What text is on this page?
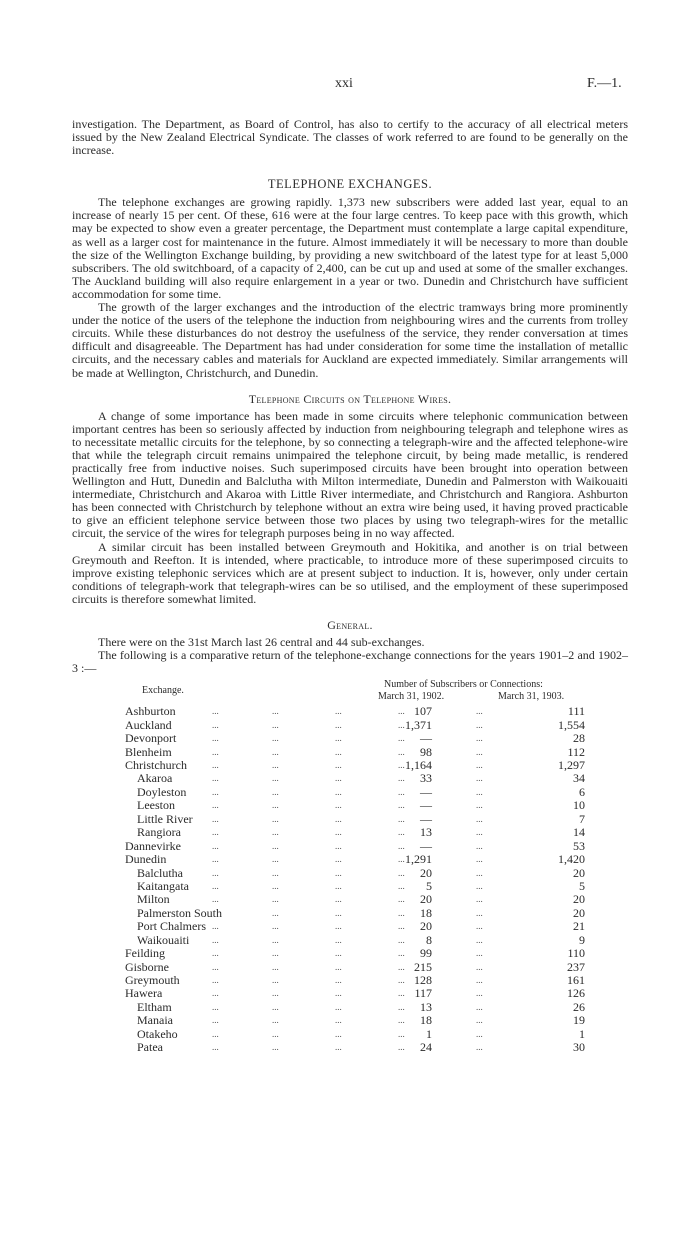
xxi	F.—1.

investigation. The Department, as Board of Control, has also to certify to the accuracy of all electrical meters issued by the New Zealand Electrical Syndicate. The classes of work referred to are found to be generally on the increase.

TELEPHONE EXCHANGES.

The telephone exchanges are growing rapidly. 1,373 new subscribers were added last year, equal to an increase of nearly 15 per cent. Of these, 616 were at the four large centres. To keep pace with this growth, which may be expected to show even a greater percentage, the Department must contemplate a large capital expenditure, as well as a larger cost for maintenance in the future. Almost immediately it will be necessary to more than double the size of the Wellington Exchange building, by providing a new switchboard of the latest type for at least 5,000 subscribers. The old switchboard, of a capacity of 2,400, can be cut up and used at some of the smaller exchanges. The Auckland building will also require enlargement in a year or two. Dunedin and Christchurch have sufficient accommodation for some time.

The growth of the larger exchanges and the introduction of the electric tramways bring more prominently under the notice of the users of the telephone the induction from neighbouring wires and the currents from trolley circuits. While these disturbances do not destroy the usefulness of the service, they render conversation at times difficult and disagreeable. The Department has had under consideration for some time the installation of metallic circuits, and the necessary cables and materials for Auckland are expected immediately. Similar arrangements will be made at Wellington, Christchurch, and Dunedin.

Telephone Circuits on Telephone Wires.

A change of some importance has been made in some circuits where telephonic communication between important centres has been so seriously affected by induction from neighbouring telegraph and telephone wires as to necessitate metallic circuits for the telephone, by so connecting a telegraph-wire and the affected telephone-wire that while the telegraph circuit remains unimpaired the telephone circuit, by being made metallic, is rendered practically free from inductive noises. Such superimposed circuits have been brought into operation between Wellington and Hutt, Dunedin and Balclutha with Milton intermediate, Dunedin and Palmerston with Waikouaiti intermediate, Christchurch and Akaroa with Little River intermediate, and Christchurch and Rangiora. Ashburton has been connected with Christchurch by telephone without an extra wire being used, it having proved practicable to give an efficient telephone service between those two places by using two telegraph-wires for the metallic circuit, the service of the wires for telegraph purposes being in no way affected.

A similar circuit has been installed between Greymouth and Hokitika, and another is on trial between Greymouth and Reefton. It is intended, where practicable, to introduce more of these superimposed circuits to improve existing telephonic services which are at present subject to induction. It is, however, only under certain conditions of telegraph-work that telegraph-wires can be so utilised, and the employment of these superimposed circuits is therefore somewhat limited.

General.

There were on the 31st March last 26 central and 44 sub-exchanges.

The following is a comparative return of the telephone-exchange connections for the years 1901–2 and 1902–3 :—

Exchange.
Number of Subscribers or Connections:
March 31, 1902.	March 31, 1903.
Ashburton	...	...	...	... 107	...	111
Auckland	...	...	...	... 1,371	...	1,554
Devonport	...	...	...	...	—	...	28
Blenheim	...	...	...	...	98	...	112
Christchurch	...	...	...	... 1,164	...	1,297
Akaroa	...	...	...	...	33	...	34
Doyleston	...	...	...	...	—	...	6
Leeston	...	...	...	...	—	...	10
Little River ...	...	...	...	—	...	7
Rangiora	...	...	...	...	13	...	14
Dannevirke	...	...	...	...	—	...	53
Dunedin	...	...	...	... 1,291	...	1,420
Balclutha	...	...	...	...	20	...	20
Kaitangata	...	...	...	...	5	...	5
Milton	...	...	...	...	20	...	20
Palmerston South	...	...	...	18	...	20
Port Chalmers ...	...	...	...	20	...	21
Waikouaiti	...	...	...	...	8	...	9
Feilding	...	...	...	...	99	...	110
Gisborne	...	...	...	... 215	...	237
Greymouth	...	...	...	... 128	...	161
Hawera	...	...	...	... 117	...	126
Eltham	...	...	...	...	13	...	26
Manaia	...	...	...	...	18	...	19
Otakeho	...	...	...	...	1	...	1
Patea	...	...	...	...	24	...	30
